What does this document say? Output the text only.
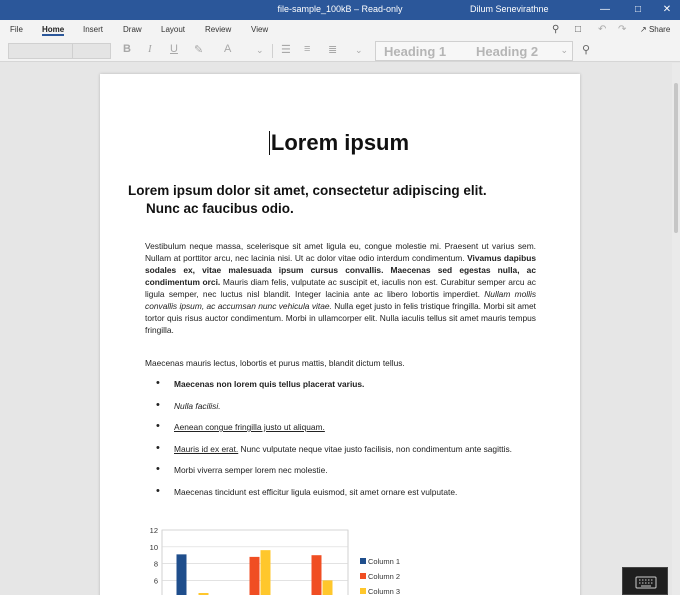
file-sample_100kB – Read-only	Dilum Senevirathne	—	□	✕
File Home Insert Draw Layout Review View	⚲ □ ↶ ↷ ↗ Share
B I U ✎ A	⌄ ☰ ≡ ≣ ⌄ Heading 1 Heading 2 ⌄ ⚲
Lorem ipsum
Lorem ipsum dolor sit amet, consectetur adipiscing elit.
Nunc ac faucibus odio.
Vestibulum neque massa, scelerisque sit amet ligula eu, congue molestie mi. Praesent ut varius sem. Nullam at porttitor arcu, nec lacinia nisi. Ut ac dolor vitae odio interdum condimentum. Vivamus dapibus sodales ex, vitae malesuada ipsum cursus convallis. Maecenas sed egestas nulla, ac condimentum orci. Mauris diam felis, vulputate ac suscipit et, iaculis non est. Curabitur semper arcu ac ligula semper, nec luctus nisl blandit. Integer lacinia ante ac libero lobortis imperdiet. Nullam mollis convallis ipsum, ac accumsan nunc vehicula vitae. Nulla eget justo in felis tristique fringilla. Morbi sit amet tortor quis risus auctor condimentum. Morbi in ullamcorper elit. Nulla iaculis tellus sit amet mauris tempus fringilla.
Maecenas mauris lectus, lobortis et purus mattis, blandit dictum tellus.
• Maecenas non lorem quis tellus placerat varius.
• Nulla facilisi.
• Aenean congue fringilla justo ut aliquam.
• Mauris id ex erat. Nunc vulputate neque vitae justo facilisis, non condimentum ante sagittis.
• Morbi viverra semper lorem nec molestie.
• Maecenas tincidunt est efficitur ligula euismod, sit amet ornare est vulputate.
12
10
8
6
Column 1
Column 2
Column 3
